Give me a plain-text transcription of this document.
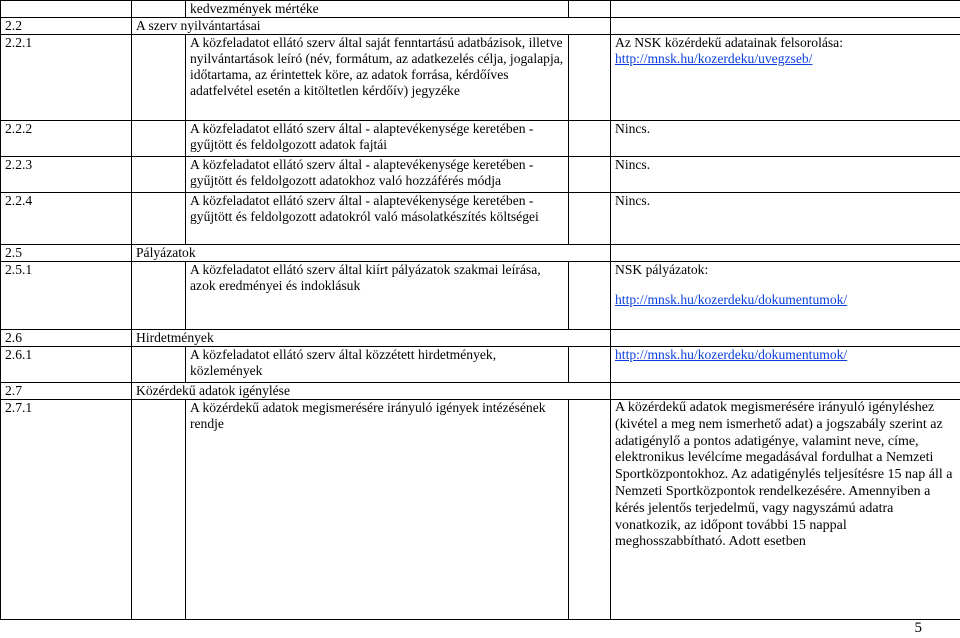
		kedvezmények mértéke		
2.2	A szerv nyilvántartásai			
2.2.1		A közfeladatot ellátó szerv által saját fenntartású adatbázisok, illetve nyilvántartások leíró (név, formátum, az adatkezelés célja, jogalapja, időtartama, az érintettek köre, az adatok forrása, kérdőíves adatfelvétel esetén a kitöltetlen kérdőív) jegyzéke		Az NSK közérdekű adatainak felsorolása:
http://mnsk.hu/kozerdeku/uvegzseb/
2.2.2		A közfeladatot ellátó szerv által - alaptevékenysége keretében - gyűjtött és feldolgozott adatok fajtái		Nincs.
2.2.3		A közfeladatot ellátó szerv által - alaptevékenysége keretében - gyűjtött és feldolgozott adatokhoz való hozzáférés módja		Nincs.
2.2.4		A közfeladatot ellátó szerv által - alaptevékenysége keretében - gyűjtött és feldolgozott adatokról való másolatkészítés költségei		Nincs.
2.5	Pályázatok			
2.5.1		A közfeladatot ellátó szerv által kiírt pályázatok szakmai leírása, azok eredményei és indoklásuk		NSK pályázatok:
http://mnsk.hu/kozerdeku/dokumentumok/
2.6	Hirdetmények			
2.6.1		A közfeladatot ellátó szerv által közzétett hirdetmények, közlemények		http://mnsk.hu/kozerdeku/dokumentumok/
2.7	Közérdekű adatok igénylése			
2.7.1		A közérdekű adatok megismerésére irányuló igények intézésének rendje		A közérdekű adatok megismerésére irányuló igényléshez (kivétel a meg nem ismerhető adat) a jogszabály szerint az adatigénylő a pontos adatigénye, valamint neve, címe, elektronikus levélcíme megadásával fordulhat a Nemzeti Sportközpontokhoz. Az adatigénylés teljesítésre 15 nap áll a Nemzeti Sportközpontok rendelkezésére. Amennyiben a kérés jelentős terjedelmű, vagy nagyszámú adatra vonatkozik, az időpont további 15 nappal meghosszabbítható. Adott esetben
5
